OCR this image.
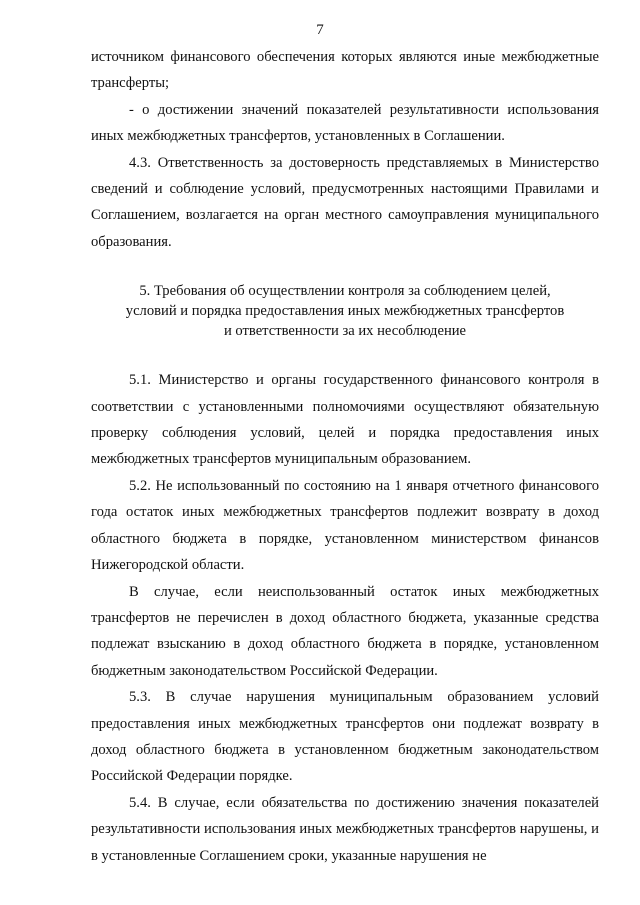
7

источником финансового обеспечения которых являются иные межбюджетные трансферты;

- о достижении значений показателей результативности использования иных межбюджетных трансфертов, установленных в Соглашении.

4.3. Ответственность за достоверность представляемых в Министерство сведений и соблюдение условий, предусмотренных настоящими Правилами и Соглашением, возлагается на орган местного самоуправления муниципального образования.

5. Требования об осуществлении контроля за соблюдением целей,
условий и порядка предоставления иных межбюджетных трансфертов
и ответственности за их несоблюдение

5.1. Министерство и органы государственного финансового контроля в соответствии с установленными полномочиями осуществляют обязательную проверку соблюдения условий, целей и порядка предоставления иных межбюджетных трансфертов муниципальным образованием.

5.2. Не использованный по состоянию на 1 января отчетного финансового года остаток иных межбюджетных трансфертов подлежит возврату в доход областного бюджета в порядке, установленном министерством финансов Нижегородской области.

В случае, если неиспользованный остаток иных межбюджетных трансфертов не перечислен в доход областного бюджета, указанные средства подлежат взысканию в доход областного бюджета в порядке, установленном бюджетным законодательством Российской Федерации.

5.3. В случае нарушения муниципальным образованием условий предоставления иных межбюджетных трансфертов они подлежат возврату в доход областного бюджета в установленном бюджетным законодательством Российской Федерации порядке.

5.4. В случае, если обязательства по достижению значения показателей результативности использования иных межбюджетных трансфертов нарушены, и в установленные Соглашением сроки, указанные нарушения не
